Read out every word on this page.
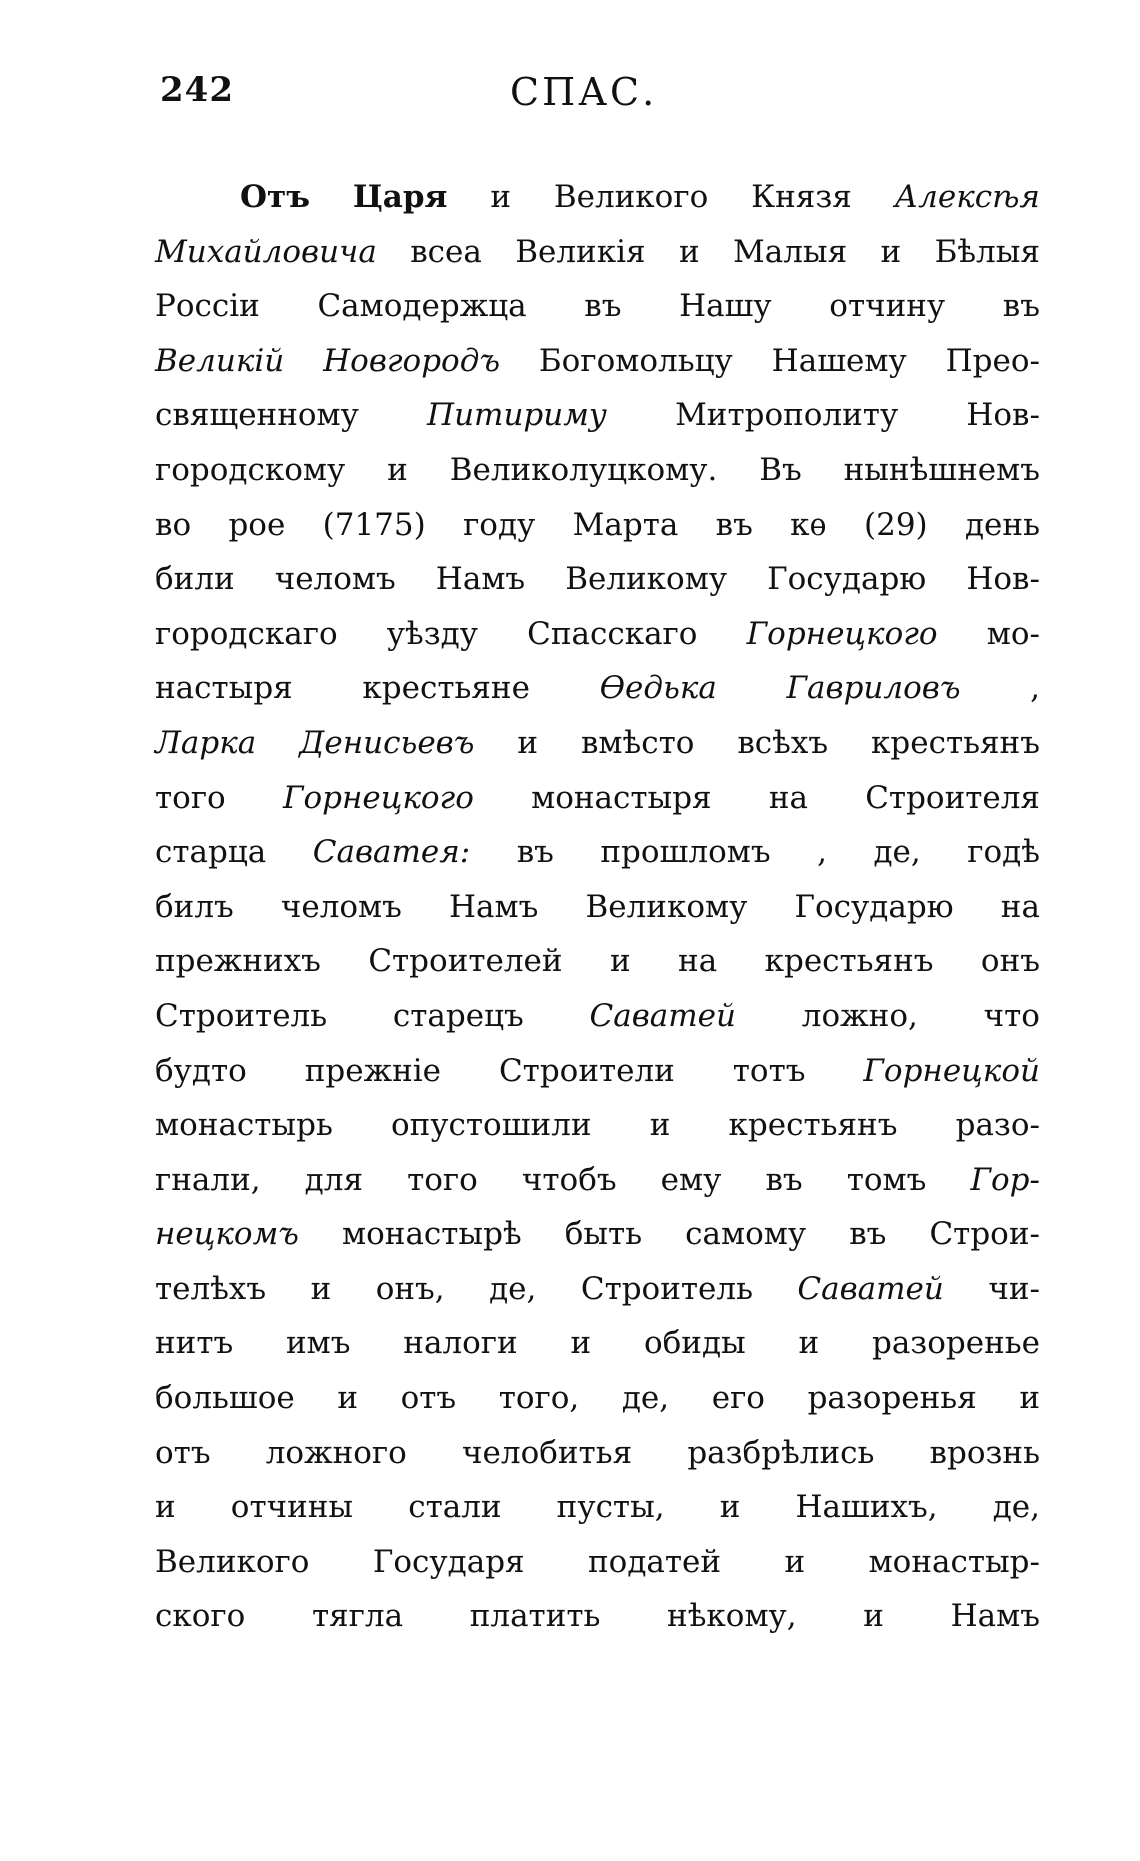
242	СПАС.
Отъ Царя и Великого Князя Алексѣя
Михайловича всеа Великія и Малыя и Бѣлыя
Россіи Самодержца въ Нашу отчину въ
Великій Новгородъ Богомольцу Нашему Прео-
священному Питириму Митрополиту Нов-
городскому и Великолуцкому. Въ нынѣшнемъ
во рое (7175) году Марта въ кѳ (29) день
били челомъ Намъ Великому Государю Нов-
городскаго уѣзду Спасскаго Горнецкого мо-
настыря крестьяне Ѳедька Гавриловъ ,
Ларка Денисьевъ и вмѣсто всѣхъ крестьянъ
того Горнецкого монастыря на Строителя
старца Саватея: въ прошломъ , де, годѣ
билъ челомъ Намъ Великому Государю на
прежнихъ Строителей и на крестьянъ онъ
Строитель старецъ Саватей ложно, что
будто прежніе Строители тотъ Горнецкой
монастырь опустошили и крестьянъ разо-
гнали, для того чтобъ ему въ томъ Гор-
нецкомъ монастырѣ быть самому въ Строи-
телѣхъ и онъ, де, Строитель Саватей чи-
нитъ имъ налоги и обиды и разоренье
большое и отъ того, де, его разоренья и
отъ ложного челобитья разбрѣлись врознь
и отчины стали пусты, и Нашихъ, де,
Великого Государя податей и монастыр-
ского тягла платить нѣкому, и Намъ
